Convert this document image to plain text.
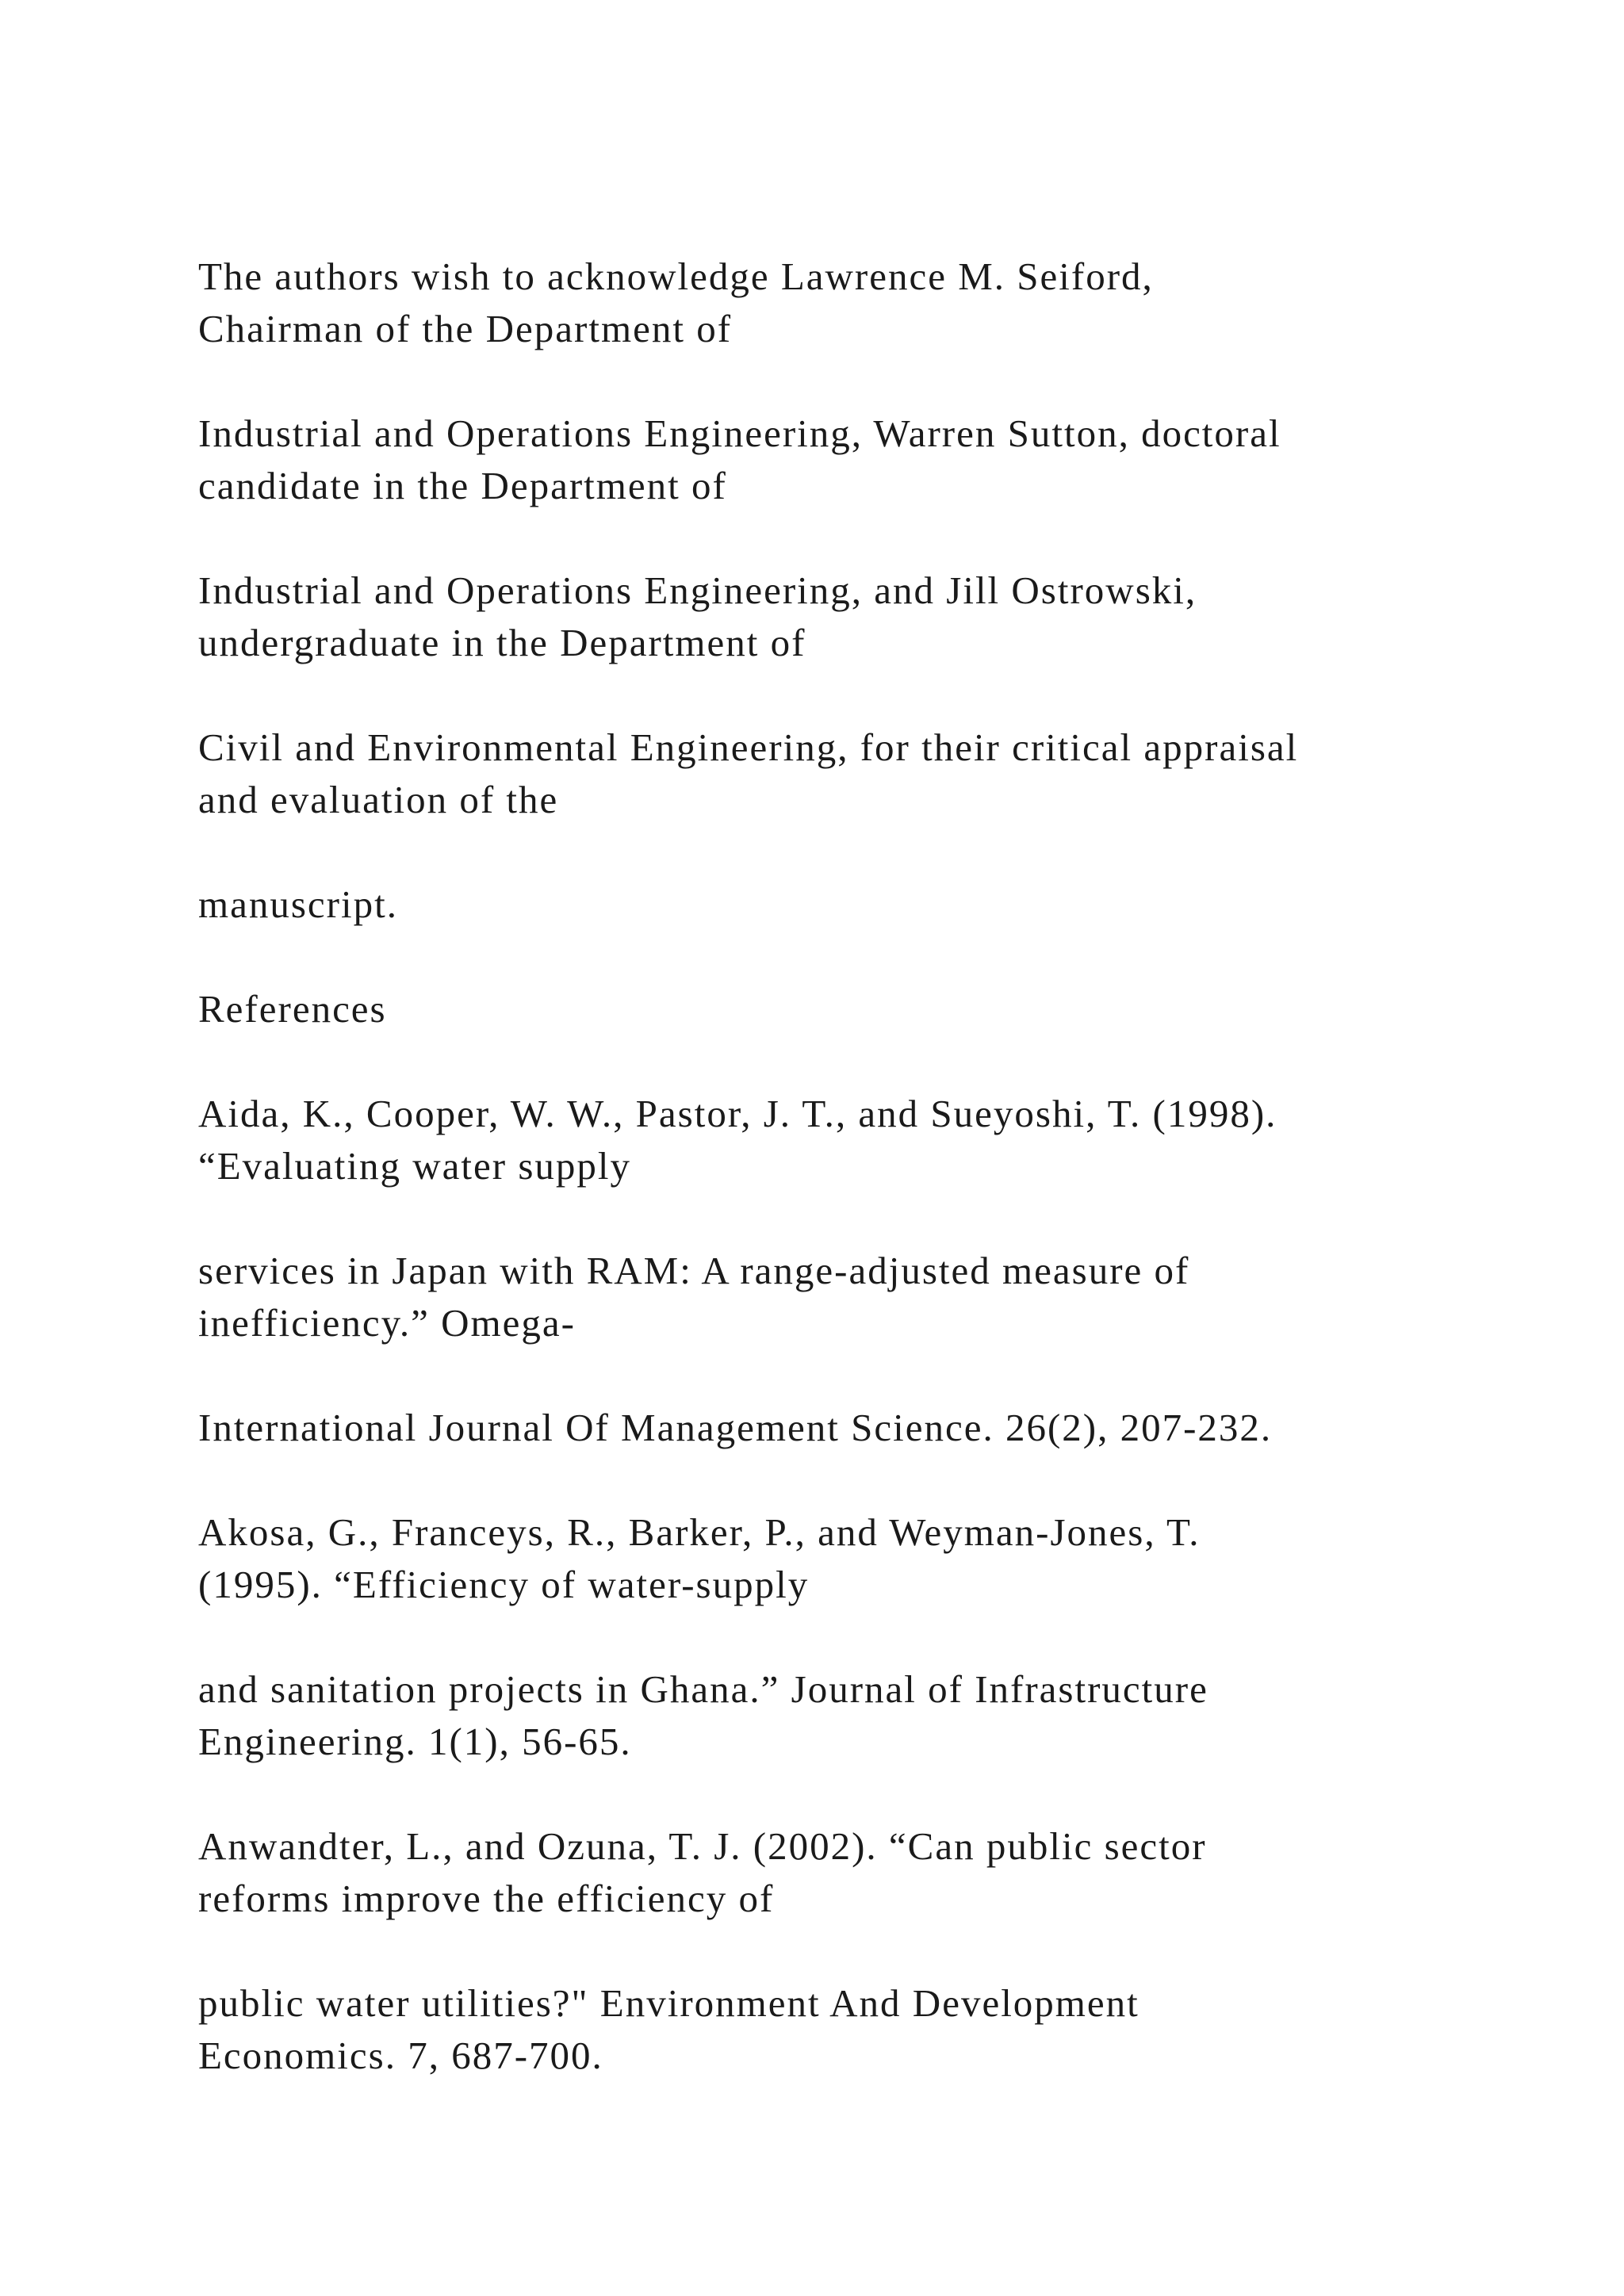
The authors wish to acknowledge Lawrence M. Seiford,
Chairman of the Department of
Industrial and Operations Engineering, Warren Sutton, doctoral
candidate in the Department of
Industrial and Operations Engineering, and Jill Ostrowski,
undergraduate in the Department of
Civil and Environmental Engineering, for their critical appraisal
and evaluation of the
manuscript.
References
Aida, K., Cooper, W. W., Pastor, J. T., and Sueyoshi, T. (1998).
“Evaluating water supply
services in Japan with RAM: A range-adjusted measure of
inefficiency.” Omega-
International Journal Of Management Science. 26(2), 207-232.
Akosa, G., Franceys, R., Barker, P., and Weyman-Jones, T.
(1995). “Efficiency of water-supply
and sanitation projects in Ghana.” Journal of Infrastructure
Engineering. 1(1), 56-65.
Anwandter, L., and Ozuna, T. J. (2002). “Can public sector
reforms improve the efficiency of
public water utilities?" Environment And Development
Economics. 7, 687-700.
